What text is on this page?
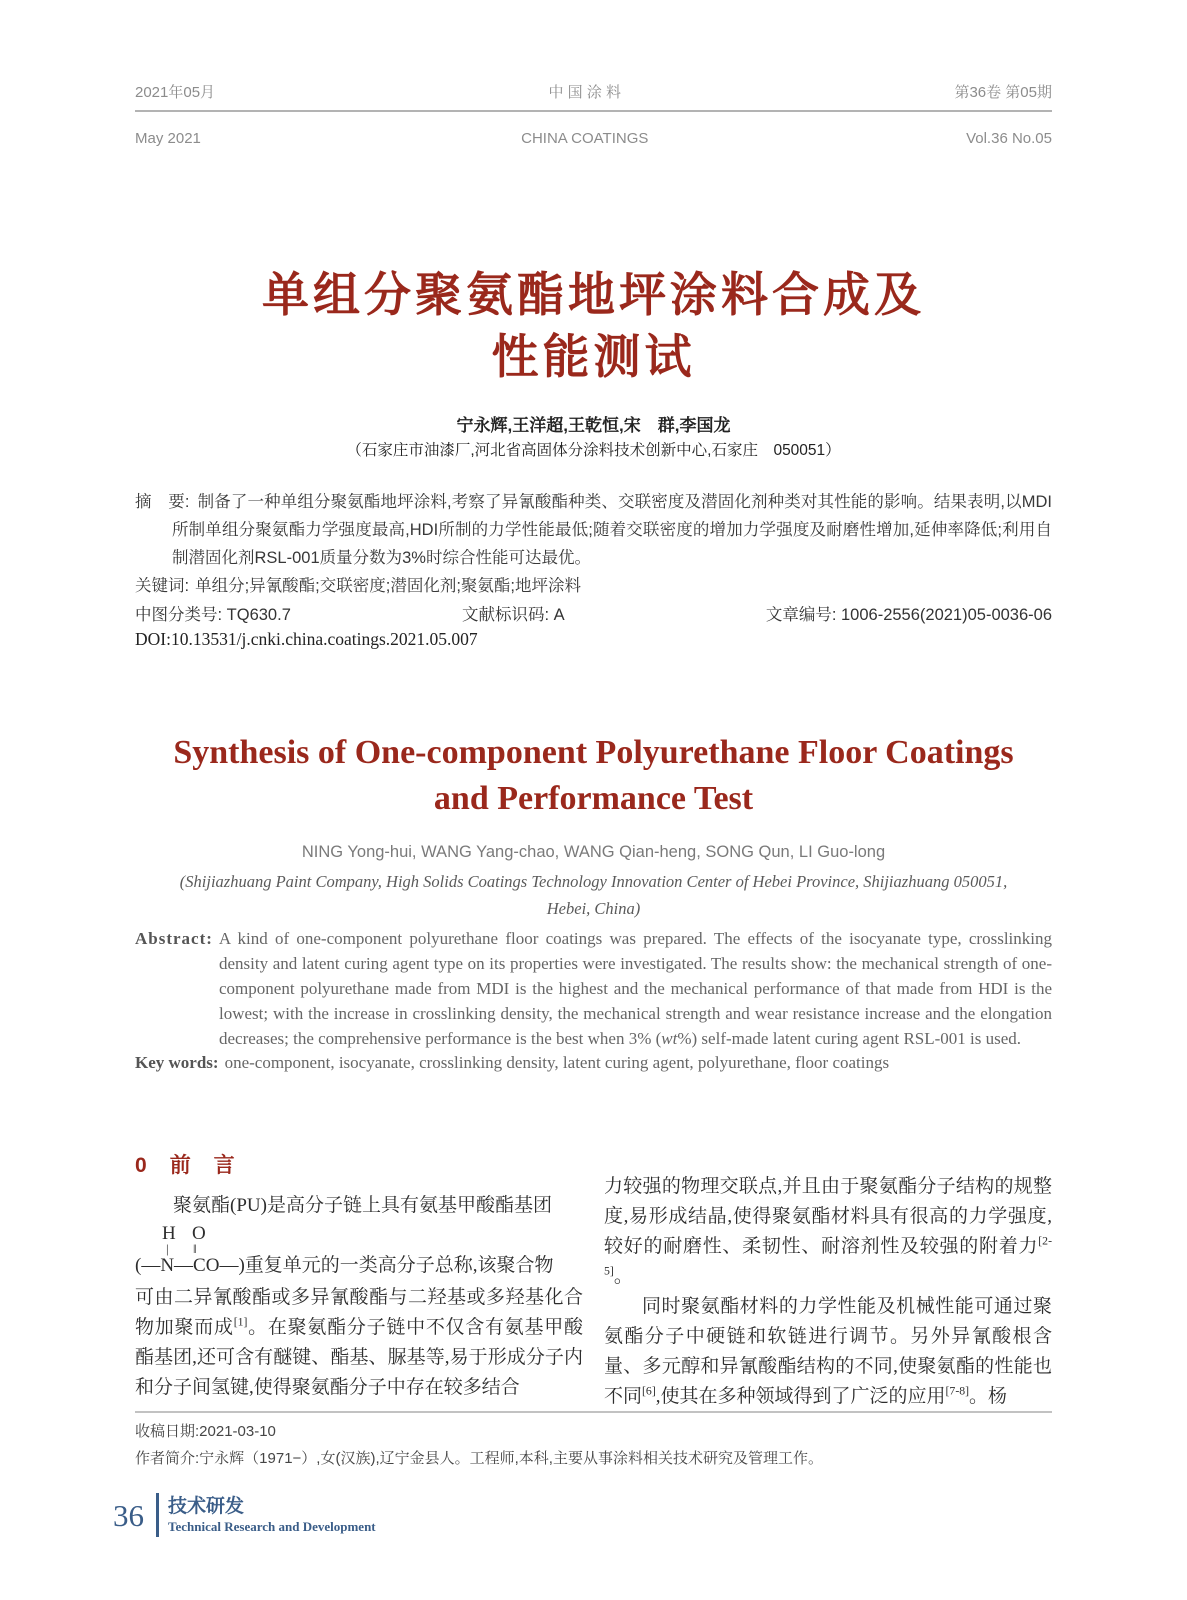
2021年05月

May 2021

中 国 涂 料

CHINA COATINGS

第36卷 第05期

Vol.36 No.05

单组分聚氨酯地坪涂料合成及
性能测试
宁永辉,王洋超,王乾恒,宋　群,李国龙
（石家庄市油漆厂,河北省高固体分涂料技术创新中心,石家庄　050051）
摘　要: 制备了一种单组分聚氨酯地坪涂料,考察了异氰酸酯种类、交联密度及潜固化剂种类对其性能的影响。结果表明,以MDI所制单组分聚氨酯力学强度最高,HDI所制的力学性能最低;随着交联密度的增加力学强度及耐磨性增加,延伸率降低;利用自制潜固化剂RSL-001质量分数为3%时综合性能可达最优。
关键词: 单组分;异氰酸酯;交联密度;潜固化剂;聚氨酯;地坪涂料
中图分类号: TQ630.7	文献标识码: A	文章编号: 1006-2556(2021)05-0036-06
DOI:10.13531/j.cnki.china.coatings.2021.05.007
Synthesis of One-component Polyurethane Floor Coatings
and Performance Test
NING Yong-hui, WANG Yang-chao, WANG Qian-heng, SONG Qun, LI Guo-long
(Shijiazhuang Paint Company, High Solids Coatings Technology Innovation Center of Hebei Province, Shijiazhuang 050051,
Hebei, China)
Abstract: A kind of one-component polyurethane floor coatings was prepared. The effects of the isocyanate type, crosslinking density and latent curing agent type on its properties were investigated. The results show: the mechanical strength of one-component polyurethane made from MDI is the highest and the mechanical performance of that made from HDI is the lowest; with the increase in crosslinking density, the mechanical strength and wear resistance increase and the elongation decreases; the comprehensive performance is the best when 3% (wt%) self-made latent curing agent RSL-001 is used.
Key words: one-component, isocyanate, crosslinking density, latent curing agent, polyurethane, floor coatings
0 前　言

聚氨酯(PU)是高分子链上具有氨基甲酸酯基团

H O
| ‖
(—N—CO—)重复单元的一类高分子总称,该聚合物

可由二异氰酸酯或多异氰酸酯与二羟基或多羟基化合物加聚而成[1]。在聚氨酯分子链中不仅含有氨基甲酸酯基团,还可含有醚键、酯基、脲基等,易于形成分子内和分子间氢键,使得聚氨酯分子中存在较多结合

力较强的物理交联点,并且由于聚氨酯分子结构的规整度,易形成结晶,使得聚氨酯材料具有很高的力学强度,较好的耐磨性、柔韧性、耐溶剂性及较强的附着力[2-5]。

同时聚氨酯材料的力学性能及机械性能可通过聚氨酯分子中硬链和软链进行调节。另外异氰酸根含量、多元醇和异氰酸酯结构的不同,使聚氨酯的性能也不同[6],使其在多种领域得到了广泛的应用[7-8]。杨

收稿日期:2021-03-10
作者简介:宁永辉（1971−）,女(汉族),辽宁金县人。工程师,本科,主要从事涂料相关技术研究及管理工作。
36 技术研发
Technical Research and Development
